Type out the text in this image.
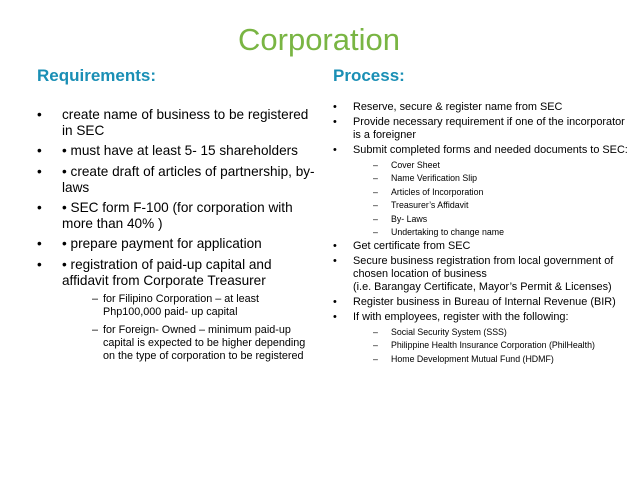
Corporation
Requirements:
• create name of business to be registered in SEC
• • must have at least 5- 15 shareholders
• • create draft of articles of partnership, by- laws
• • SEC form F-100 (for corporation with more than 40% )
• • prepare payment for application
• • registration of paid-up capital and affidavit from Corporate Treasurer
– for Filipino Corporation – at least Php100,000 paid- up capital
– for Foreign- Owned – minimum paid-up capital is expected to be higher depending on the type of corporation to be registered
Process:
• Reserve, secure & register name from SEC
• Provide necessary requirement if one of the incorporator is a foreigner
• Submit completed forms and needed documents to SEC:
– Cover Sheet
– Name Verification Slip
– Articles of Incorporation
– Treasurer’s Affidavit
– By- Laws
– Undertaking to change name
• Get certificate from SEC
• Secure business registration from local government of chosen location of business
(i.e. Barangay Certificate, Mayor’s Permit & Licenses)
• Register business in Bureau of Internal Revenue (BIR)
• If with employees, register with the following:
– Social Security System (SSS)
– Philippine Health Insurance Corporation (PhilHealth)
– Home Development Mutual Fund (HDMF)
